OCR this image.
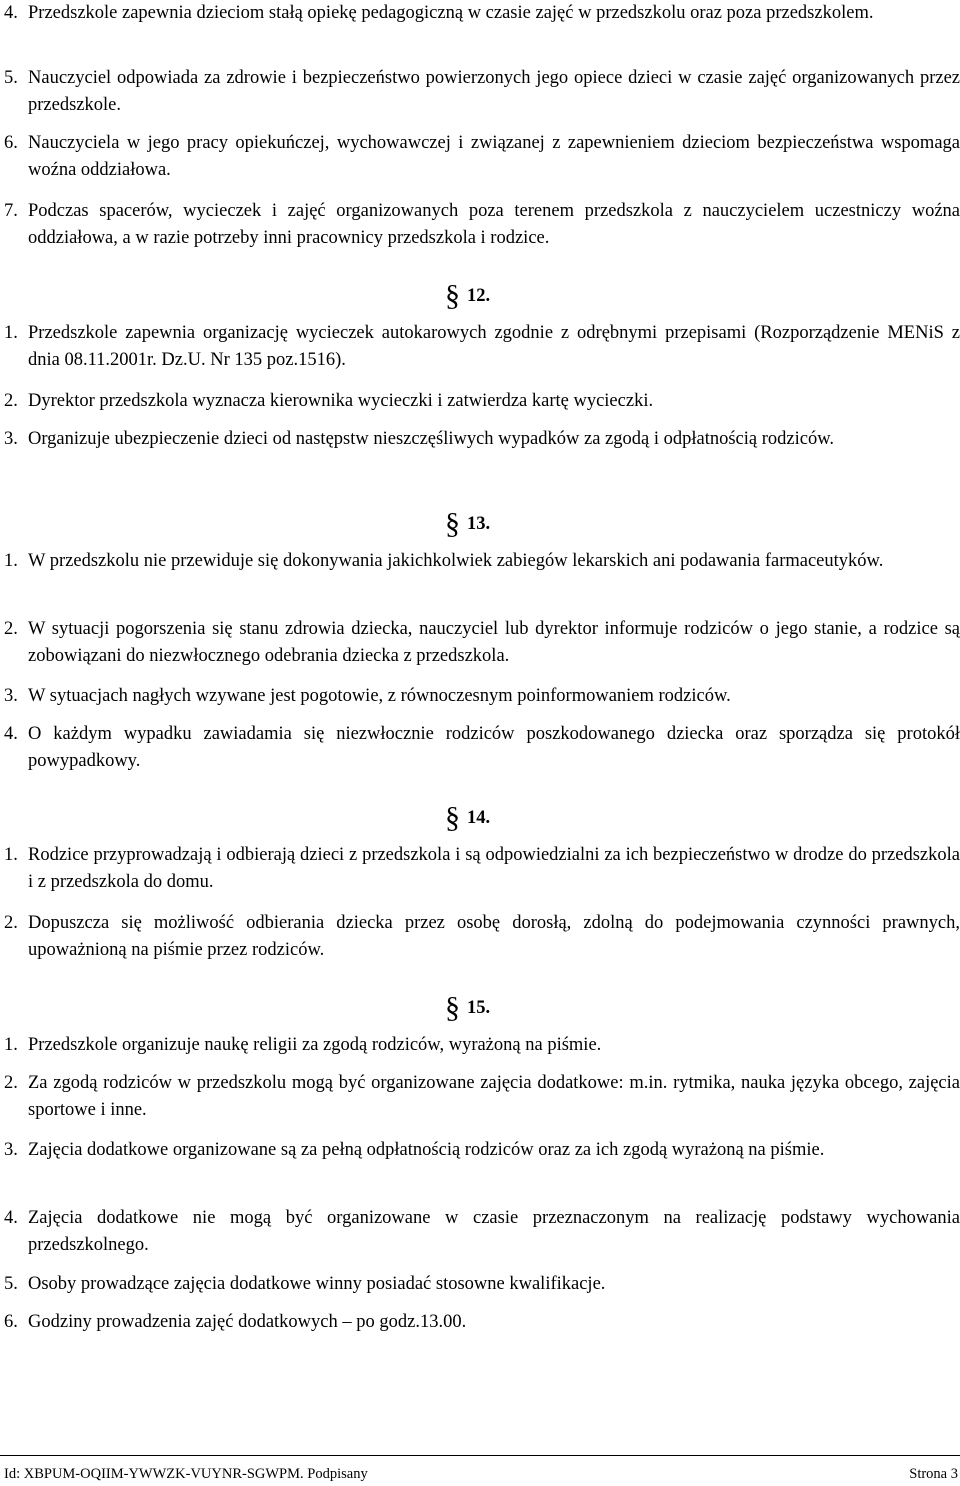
4. Przedszkole zapewnia dzieciom stałą opiekę pedagogiczną w czasie zajęć w przedszkolu oraz poza przedszkolem.
5. Nauczyciel odpowiada za zdrowie i bezpieczeństwo powierzonych jego opiece dzieci w czasie zajęć organizowanych przez przedszkole.
6. Nauczyciela w jego pracy opiekuńczej, wychowawczej i związanej z zapewnieniem dzieciom bezpieczeństwa wspomaga woźna oddziałowa.
7. Podczas spacerów, wycieczek i zajęć organizowanych poza terenem przedszkola z nauczycielem uczestniczy woźna oddziałowa, a w razie potrzeby inni pracownicy przedszkola i rodzice.
§ 12.
1. Przedszkole zapewnia organizację wycieczek autokarowych zgodnie z odrębnymi przepisami (Rozporządzenie MENiS z dnia 08.11.2001r. Dz.U. Nr 135 poz.1516).
2. Dyrektor przedszkola wyznacza kierownika wycieczki i zatwierdza kartę wycieczki.
3. Organizuje ubezpieczenie dzieci od następstw nieszczęśliwych wypadków za zgodą i odpłatnością rodziców.
§ 13.
1. W przedszkolu nie przewiduje się dokonywania jakichkolwiek zabiegów lekarskich ani podawania farmaceutyków.
2. W sytuacji pogorszenia się stanu zdrowia dziecka, nauczyciel lub dyrektor informuje rodziców o jego stanie, a rodzice są zobowiązani do niezwłocznego odebrania dziecka z przedszkola.
3. W sytuacjach nagłych wzywane jest pogotowie, z równoczesnym poinformowaniem rodziców.
4. O każdym wypadku zawiadamia się niezwłocznie rodziców poszkodowanego dziecka oraz sporządza się protokół powypadkowy.
§ 14.
1. Rodzice przyprowadzają i odbierają dzieci z przedszkola i są odpowiedzialni za ich bezpieczeństwo w drodze do przedszkola i z przedszkola do domu.
2. Dopuszcza się możliwość odbierania dziecka przez osobę dorosłą, zdolną do podejmowania czynności prawnych, upoważnioną na piśmie przez rodziców.
§ 15.
1. Przedszkole organizuje naukę religii za zgodą rodziców, wyrażoną na piśmie.
2. Za zgodą rodziców w przedszkolu mogą być organizowane zajęcia dodatkowe: m.in. rytmika, nauka języka obcego, zajęcia sportowe i inne.
3. Zajęcia dodatkowe organizowane są za pełną odpłatnością rodziców oraz za ich zgodą wyrażoną na piśmie.
4. Zajęcia dodatkowe nie mogą być organizowane w czasie przeznaczonym na realizację podstawy wychowania przedszkolnego.
5. Osoby prowadzące zajęcia dodatkowe winny posiadać stosowne kwalifikacje.
6. Godziny prowadzenia zajęć dodatkowych – po godz.13.00.
Id: XBPUM-OQIIM-YWWZK-VUYNR-SGWPM. Podpisany	Strona 3
